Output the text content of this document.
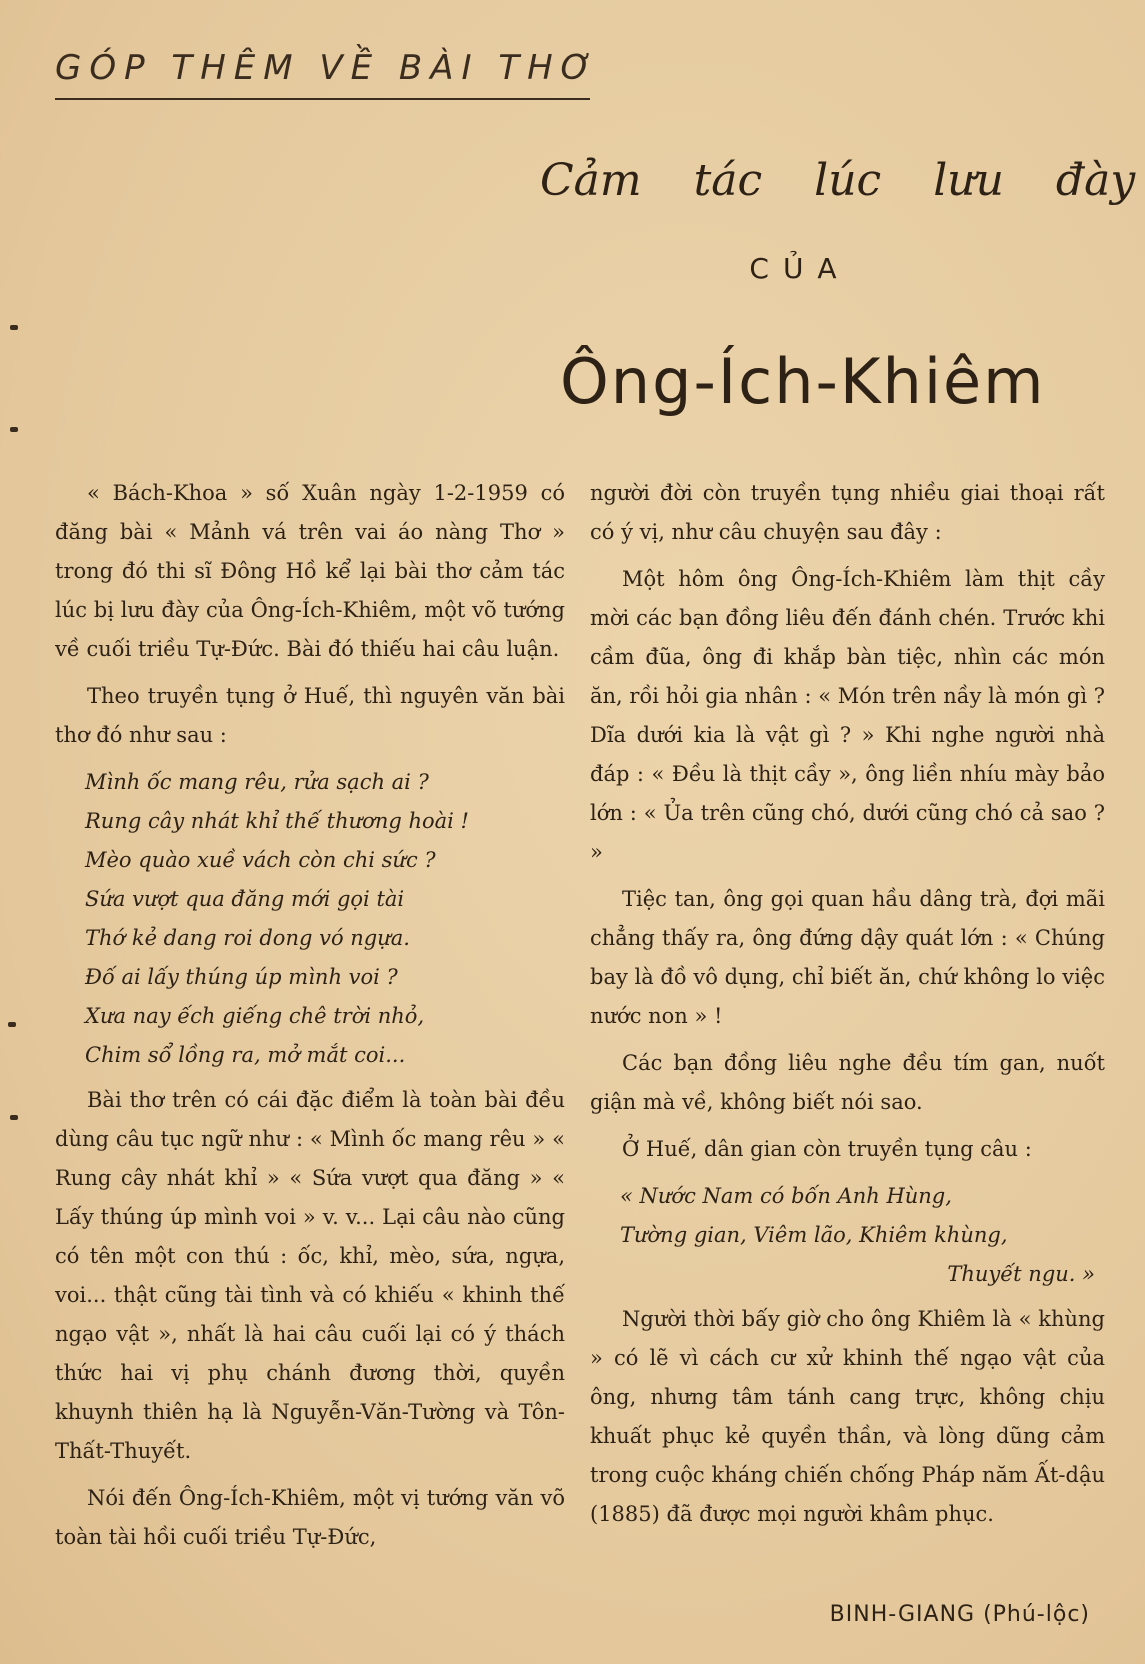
GÓP THÊM VỀ BÀI THƠ
Cảm tác lúc lưu đày
CỦA
Ông-Ích-Khiêm

« Bách-Khoa » số Xuân ngày 1-2-1959 có đăng bài « Mảnh vá trên vai áo nàng Thơ » trong đó thi sĩ Đông Hồ kể lại bài thơ cảm tác lúc bị lưu đày của Ông-Ích-Khiêm, một võ tướng về cuối triều Tự-Đức. Bài đó thiếu hai câu luận.

Theo truyền tụng ở Huế, thì nguyên văn bài thơ đó như sau :

Mình ốc mang rêu, rửa sạch ai ?
Rung cây nhát khỉ thế thương hoài !
Mèo quào xuề vách còn chi sức ?
Sứa vượt qua đăng mới gọi tài
Thớ kẻ dang roi dong vó ngựa.
Đố ai lấy thúng úp mình voi ?
Xưa nay ếch giếng chê trời nhỏ,
Chim sổ lồng ra, mở mắt coi...

Bài thơ trên có cái đặc điểm là toàn bài đều dùng câu tục ngữ như : « Mình ốc mang rêu » « Rung cây nhát khỉ » « Sứa vượt qua đăng » « Lấy thúng úp mình voi » v. v... Lại câu nào cũng có tên một con thú : ốc, khỉ, mèo, sứa, ngựa, voi... thật cũng tài tình và có khiếu « khinh thế ngạo vật », nhất là hai câu cuối lại có ý thách thức hai vị phụ chánh đương thời, quyền khuynh thiên hạ là Nguyễn-Văn-Tường và Tôn-Thất-Thuyết.

Nói đến Ông-Ích-Khiêm, một vị tướng văn võ toàn tài hồi cuối triều Tự-Đức,

người đời còn truyền tụng nhiều giai thoại rất có ý vị, như câu chuyện sau đây :

Một hôm ông Ông-Ích-Khiêm làm thịt cầy mời các bạn đồng liêu đến đánh chén. Trước khi cầm đũa, ông đi khắp bàn tiệc, nhìn các món ăn, rồi hỏi gia nhân : « Món trên nầy là món gì ? Dĩa dưới kia là vật gì ? » Khi nghe người nhà đáp : « Đều là thịt cầy », ông liền nhíu mày bảo lớn : « Ủa trên cũng chó, dưới cũng chó cả sao ? »

Tiệc tan, ông gọi quan hầu dâng trà, đợi mãi chẳng thấy ra, ông đứng dậy quát lớn : « Chúng bay là đồ vô dụng, chỉ biết ăn, chứ không lo việc nước non » !

Các bạn đồng liêu nghe đều tím gan, nuốt giận mà về, không biết nói sao.

Ở Huế, dân gian còn truyền tụng câu :

« Nước Nam có bốn Anh Hùng,
Tường gian, Viêm lão, Khiêm khùng,
Thuyết ngu. »

Người thời bấy giờ cho ông Khiêm là « khùng » có lẽ vì cách cư xử khinh thế ngạo vật của ông, nhưng tâm tánh cang trực, không chịu khuất phục kẻ quyền thần, và lòng dũng cảm trong cuộc kháng chiến chống Pháp năm Ất-dậu (1885) đã được mọi người khâm phục.

BINH-GIANG (Phú-lộc)
